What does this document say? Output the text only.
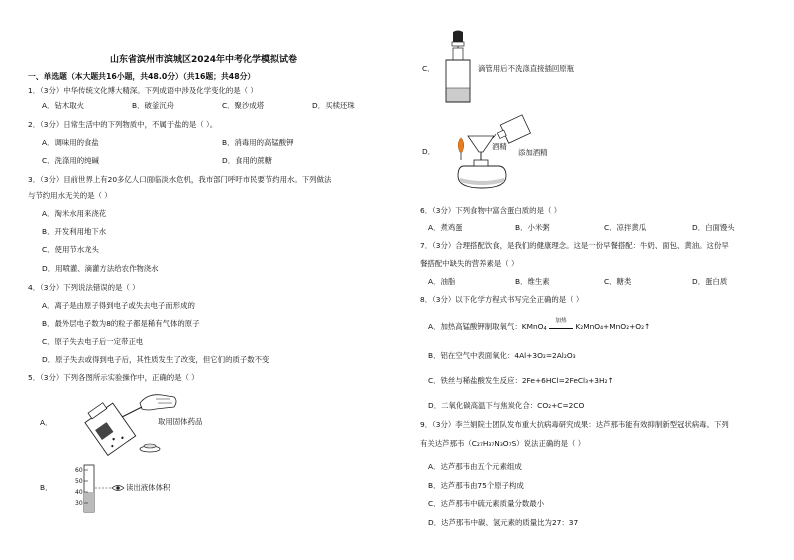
山东省滨州市滨城区2024年中考化学模拟试卷
一、单选题（本大题共16小题，共48.0分）（共16题；共48分）
1．（3分）中华传统文化博大精深。下列成语中涉及化学变化的是（ ）
A．钻木取火	B．破釜沉舟	C．聚沙成塔	D．买椟还珠
2．（3分）日常生活中的下列物质中，不属于盐的是（ ）。
A．调味用的食盐	B．消毒用的高锰酸钾
C．洗涤用的纯碱	D．食用的蔗糖
3．（3分）目前世界上有20多亿人口面临淡水危机，我市部门呼吁市民要节约用水。下列做法
与节约用水无关的是（ ）
A．淘米水用来浇花
B．开发利用地下水
C．使用节水龙头
D．用喷灌、滴灌方法给农作物浇水
4．（3分）下列说法错误的是（ ）
A．离子是由原子得到电子或失去电子而形成的
B．最外层电子数为8的粒子都是稀有气体的原子
C．原子失去电子后一定带正电
D．原子失去或得到电子后，其性质发生了改变，但它们的质子数不变
5．（3分）下列各图所示实验操作中，正确的是（ ）
A．	取用固体药品
B．
60
50
40
30
读出液体体积
C．	滴管用后不洗涤直接插回原瓶
D．
酒精
添加酒精
6．（3分）下列食物中富含蛋白质的是（ ）
A．煮鸡蛋	B．小米粥	C．凉拌黄瓜	D．白面馒头
7．（3分）合理搭配饮食，是我们的健康理念。这是一份早餐搭配：牛奶、面包、黄油。这份早
餐搭配中缺失的营养素是（ ）
A．油脂	B．维生素	C．糖类	D．蛋白质
8．（3分）以下化学方程式书写完全正确的是（ ）
A．加热高锰酸钾制取氧气：KMnO$_4$
加热
K₂MnO₄+MnO₂+O₂↑
B．铝在空气中表面氧化：4Al+3O₂=2Al₂O₃
C．铁丝与稀盐酸发生反应：2Fe+6HCl=2FeCl₃+3H₂↑
D．二氧化碳高温下与焦炭化合：CO₂+C=2CO
9．（3分）李兰娟院士团队发布重大抗病毒研究成果：达芦那韦能有效抑制新型冠状病毒。下列
有关达芦那韦（C₂₇H₃₇N₃O₇S）说法正确的是（ ）
A．达芦那韦由五个元素组成
B．达芦那韦由75个原子构成
C．达芦那韦中硫元素质量分数最小
D．达芦那韦中碳、氢元素的质量比为27：37
